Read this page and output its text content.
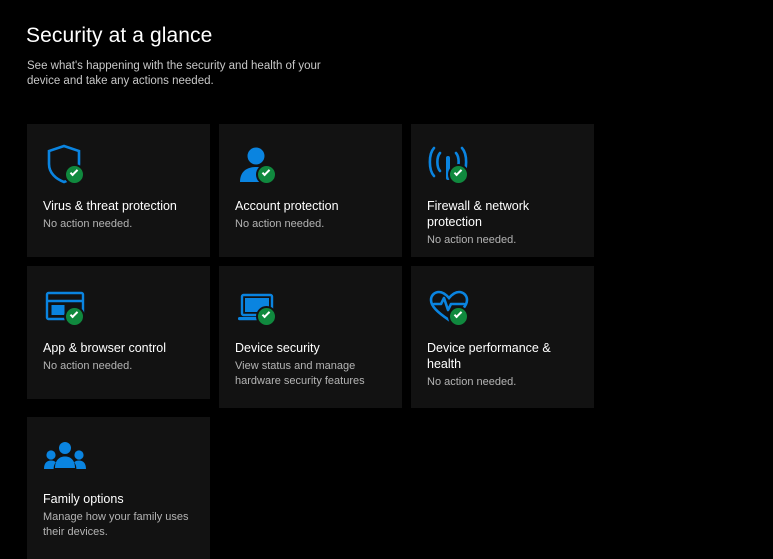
Security at a glance
See what's happening with the security and health of your device and take any actions needed.
Virus & threat protection
No action needed.
Account protection
No action needed.
Firewall & network protection
No action needed.
App & browser control
No action needed.
Device security
View status and manage hardware security features
Device performance & health
No action needed.
Family options
Manage how your family uses their devices.
